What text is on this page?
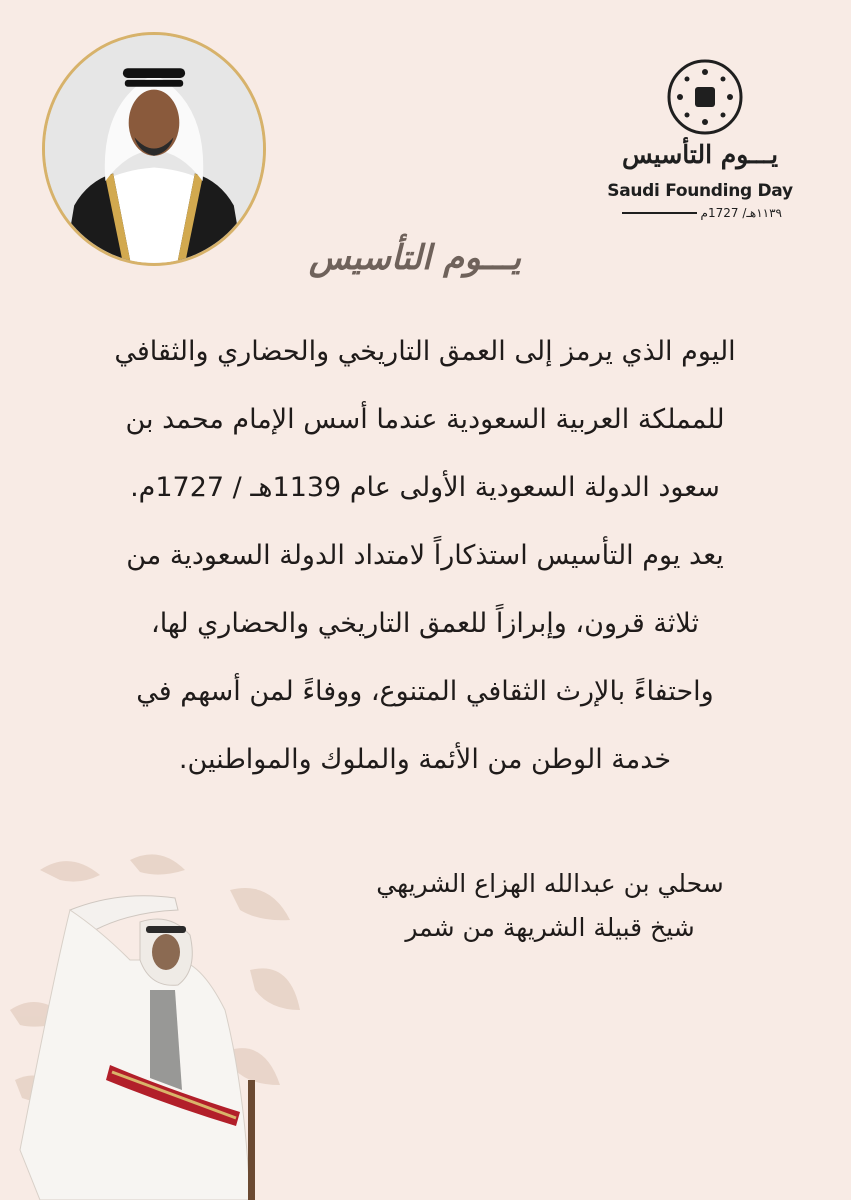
يـــوم التأسيس
Saudi Founding Day
١١٣٩هـ/ 1727م
يـــوم التأسيس
اليوم الذي يرمز إلى العمق التاريخي والحضاري والثقافي
للمملكة العربية السعودية عندما أسس الإمام محمد بن
سعود الدولة السعودية الأولى عام 1139هـ / 1727م.
يعد يوم التأسيس استذكاراً لامتداد الدولة السعودية من
ثلاثة قرون، وإبرازاً للعمق التاريخي والحضاري لها،
واحتفاءً بالإرث الثقافي المتنوع، ووفاءً لمن أسهم في
خدمة الوطن من الأئمة والملوك والمواطنين.
سحلي بن عبدالله الهزاع الشريهي
شيخ قبيلة الشريهة من شمر
